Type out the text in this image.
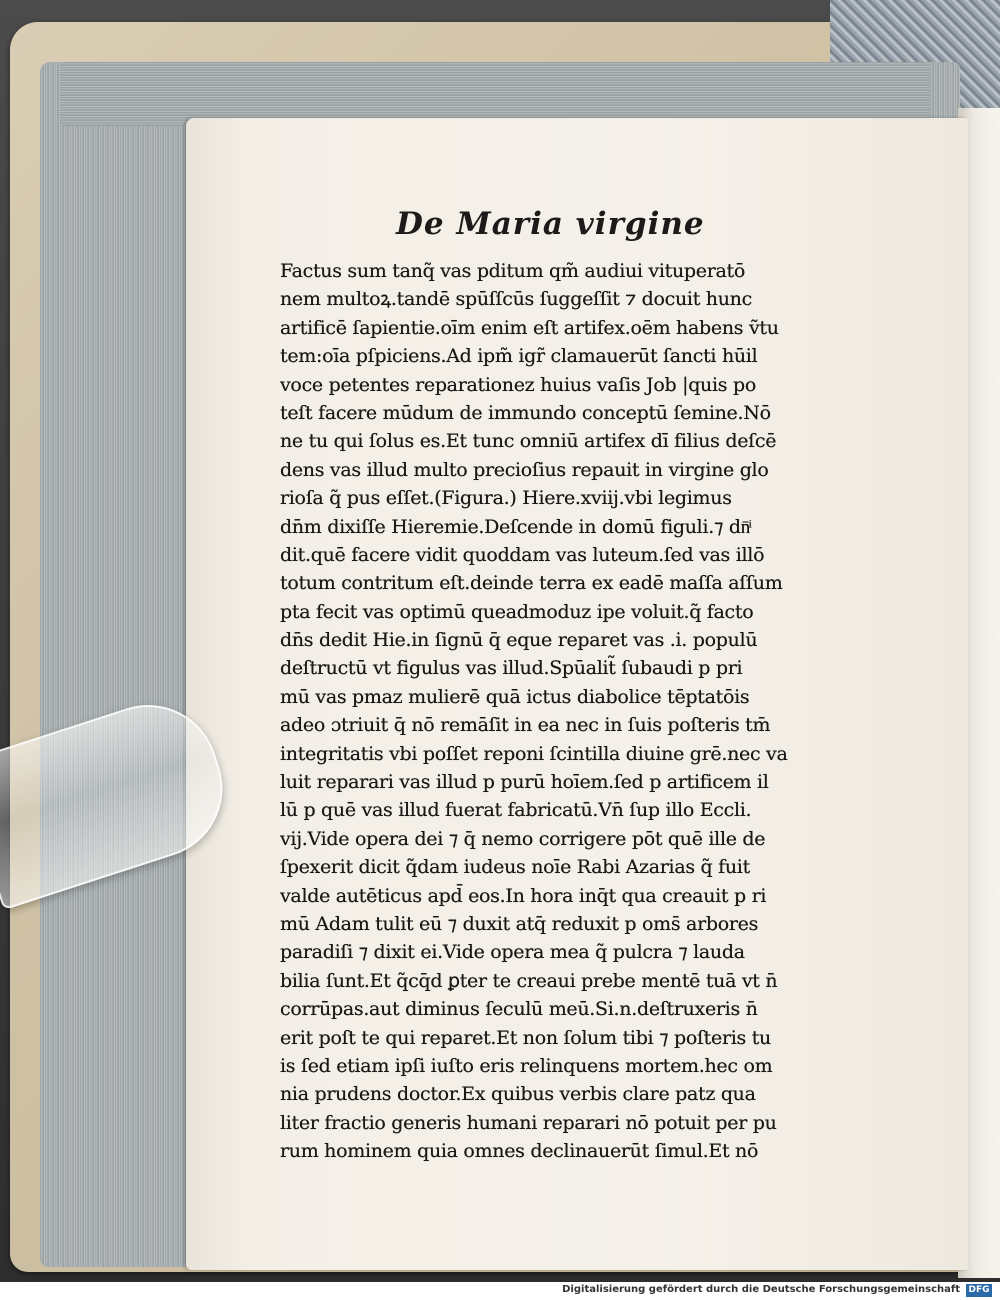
De Maria virgine
Factus sum tanq̃ vas pditum qm̃ audiui vituperatō
nem multoꝝ.tandē spūſſcūs ſuggeſſit ⁊ docuit hunc
artificē ſapientie.oīm enim eſt artifex.oēm habens ṽtu
tem:oīa pſpiciens.Ad ipm̃ igr̃ clamauerūt ſancti hūil
voce petentes reparationez huius vaſis Job |quis po
teſt facere mūdum de immundo conceptū ſemine.Nō
ne tu qui ſolus es.Et tunc omniū artifex dī filius deſcē
dens vas illud multo precioſius repauit in virgine glo
rioſa q̃ pus eſſet.(Figura.) Hiere.xviij.vbi legimus
dn̄m dixiſſe Hieremie.Deſcende in domū figuli.⁊ dn̄ͥ
dit.quē facere vidit quoddam vas luteum.ſed vas illō
totum contritum eſt.deinde terra ex eadē maſſa aſſum
pta fecit vas optimū queadmoduz ipe voluit.q̃ facto
dn̄s dedit Hie.in ſignū q̄ eque reparet vas .i. populū
deſtructū vt figulus vas illud.Spūalit̃ ſubaudi p pri
mū vas pmaz mulierē quā ictus diabolice tēptatōis
adeo ɔtriuit q̄ nō remāſit in ea nec in ſuis poſteris tm̄
integritatis vbi poſſet reponi ſcintilla diuine grē.nec va
luit reparari vas illud p purū hoīem.ſed p artificem il
lū p quē vas illud fuerat fabricatū.Vn̄ ſup illo Eccli.
vij.Vide opera dei ⁊ q̄ nemo corrigere pōt quē ille de
ſpexerit dicit q̃dam iudeus noīe Rabi Azarias q̃ fuit
valde autēticus apd̄ eos.In hora inq̄t qua creauit p ri
mū Adam tulit eū ⁊ duxit atq̄ reduxit p oms̄ arbores
paradiſi ⁊ dixit ei.Vide opera mea q̃ pulcra ⁊ lauda
bilia ſunt.Et q̃cq̄d ꝑter te creaui prebe mentē tuā vt n̄
corrūpas.aut diminus ſeculū meū.Si.n.deſtruxeris n̄
erit poſt te qui reparet.Et non ſolum tibi ⁊ poſteris tu
is ſed etiam ipſi iuſto eris relinquens mortem.hec om
nia prudens doctor.Ex quibus verbis clare patz qua
liter fractio generis humani reparari nō potuit per pu
rum hominem quia omnes declinauerūt ſimul.Et nō
Digitalisierung gefördert durch die Deutsche Forschungsgemeinschaft DFG
